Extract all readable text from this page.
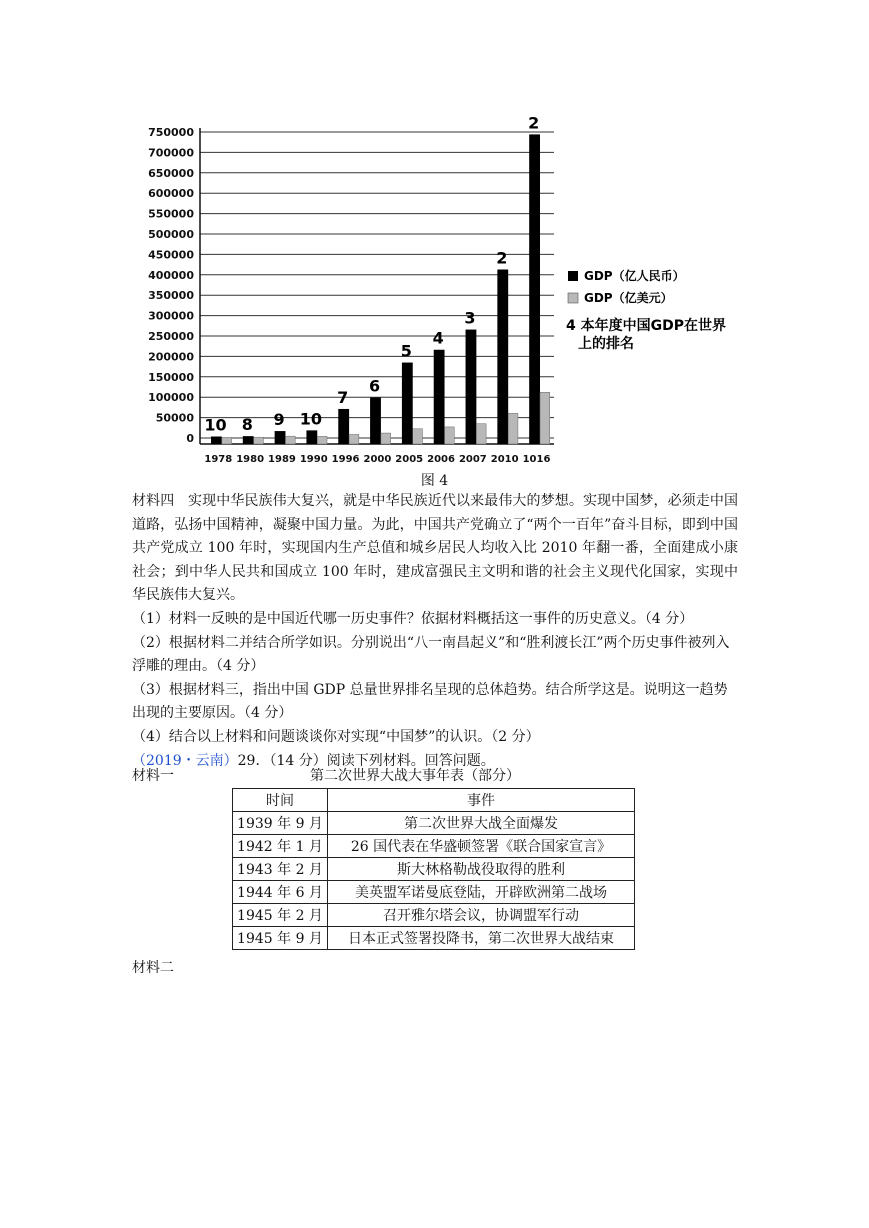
750000
700000
650000
600000
550000
500000
450000
400000
350000
300000
250000
200000
150000
100000
50000
0
10
1978
8
1980
9
1989
10
1990
7
1996
6
2000
5
2005
4
2006
3
2007
2
2010
2
1016
GDP（亿人民币）
GDP（亿美元）
4 本年度中国GDP在世界
上的排名
图 4

材料四 实现中华民族伟大复兴，就是中华民族近代以来最伟大的梦想。实现中国梦，必须走中国道路，弘扬中国精神，凝聚中国力量。为此，中国共产党确立了“两个一百年”奋斗目标，即到中国共产党成立 100 年时，实现国内生产总值和城乡居民人均收入比 2010 年翻一番，全面建成小康社会；到中华人民共和国成立 100 年时，建成富强民主文明和谐的社会主义现代化国家，实现中华民族伟大复兴。

（1）材料一反映的是中国近代哪一历史事件？依据材料概括这一事件的历史意义。（4 分）

（2）根据材料二并结合所学如识。分别说出“八一南昌起义”和“胜利渡长江”两个历史事件被列入浮雕的理由。（4 分）

（3）根据材料三，指出中国 GDP 总量世界排名呈现的总体趋势。结合所学这是。说明这一趋势出现的主要原因。（4 分）

（4）结合以上材料和问题谈谈你对实现“中国梦”的认识。（2 分）

（2019・云南）29．（14 分）阅读下列材料。回答问题。

材料一	第二次世界大战大事年表（部分）
时间	事件
1939 年 9 月	第二次世界大战全面爆发
1942 年 1 月	26 国代表在华盛顿签署《联合国家宣言》
1943 年 2 月	斯大林格勒战役取得的胜利
1944 年 6 月	美英盟军诺曼底登陆，开辟欧洲第二战场
1945 年 2 月	召开雅尔塔会议，协调盟军行动
1945 年 9 月	日本正式签署投降书，第二次世界大战结束
材料二
